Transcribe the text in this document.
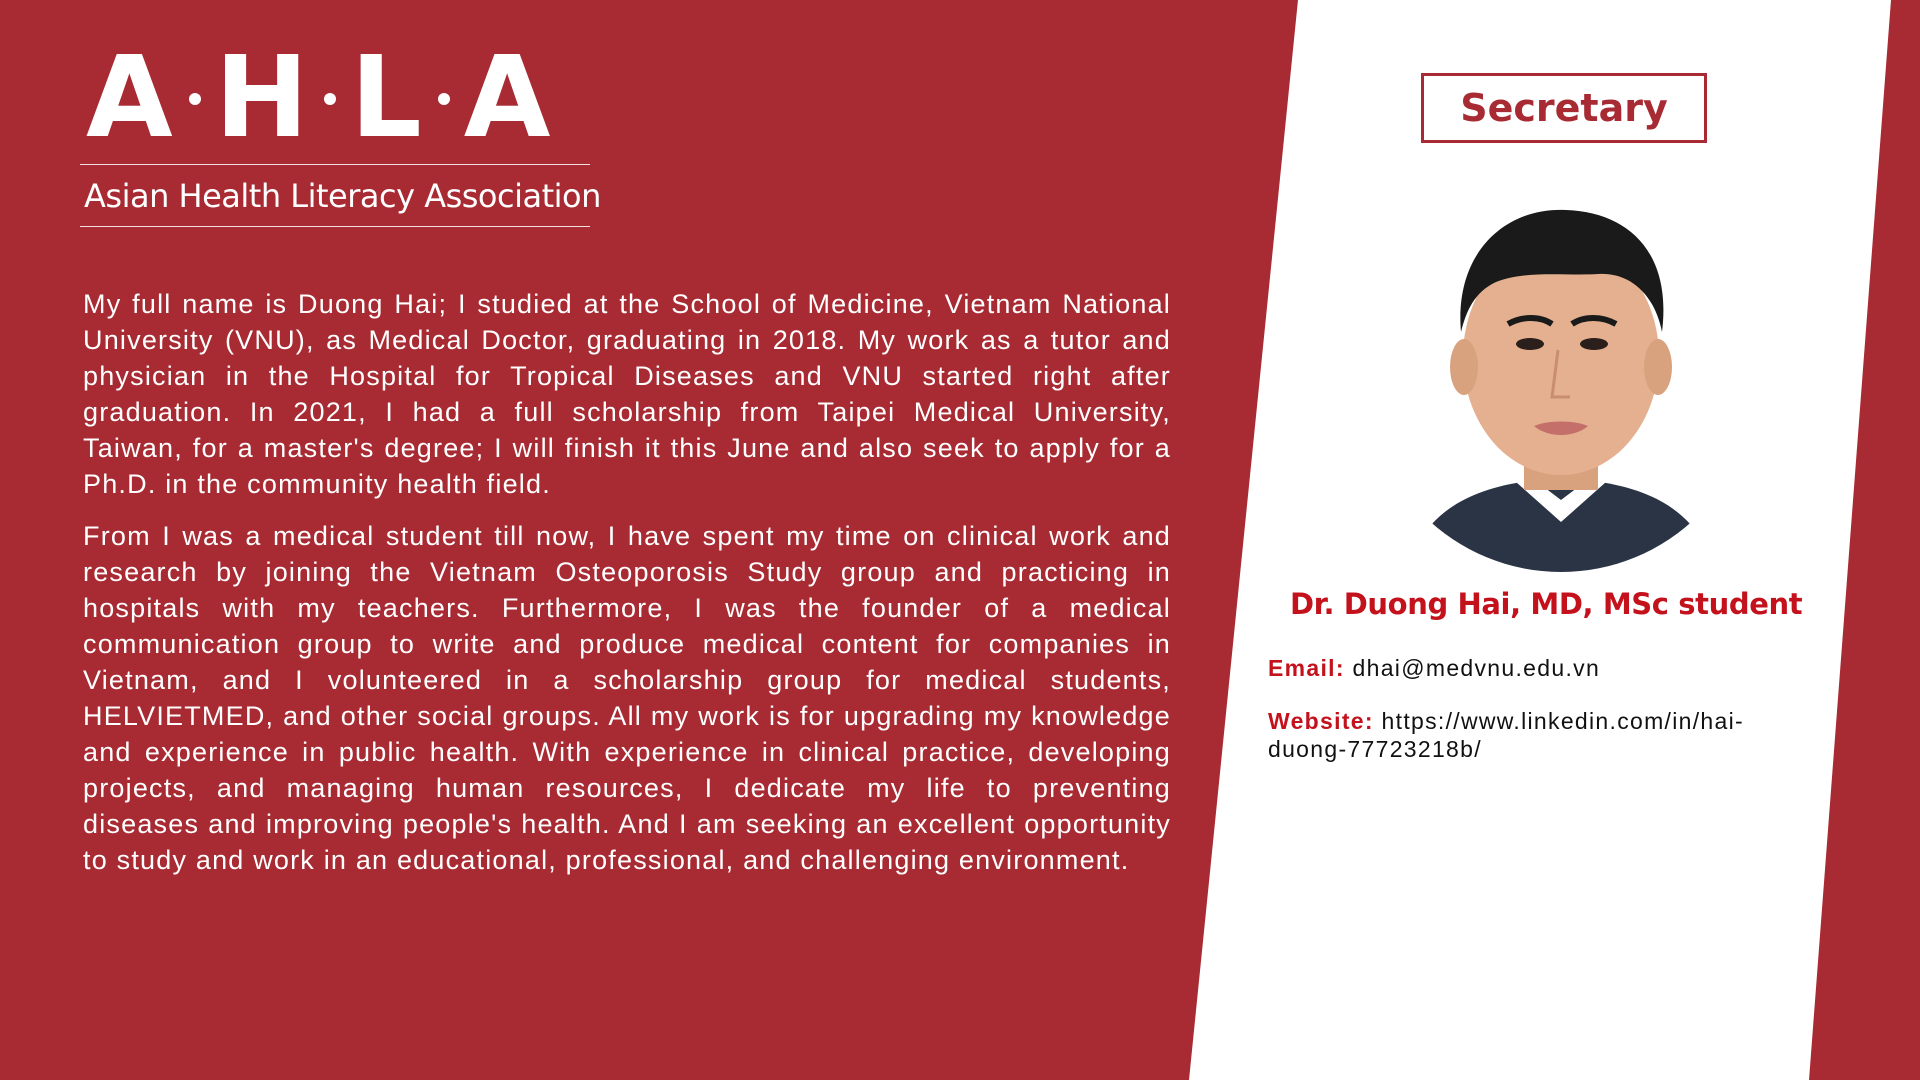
A H L A
Asian Health Literacy Association

My full name is Duong Hai; I studied at the School of Medicine, Vietnam National University (VNU), as Medical Doctor, graduating in 2018. My work as a tutor and physician in the Hospital for Tropical Diseases and VNU started right after graduation. In 2021, I had a full scholarship from Taipei Medical University, Taiwan, for a master's degree; I will finish it this June and also seek to apply for a Ph.D. in the community health field.

From I was a medical student till now, I have spent my time on clinical work and research by joining the Vietnam Osteoporosis Study group and practicing in hospitals with my teachers. Furthermore, I was the founder of a medical communication group to write and produce medical content for companies in Vietnam, and I volunteered in a scholarship group for medical students, HELVIETMED, and other social groups. All my work is for upgrading my knowledge and experience in public health. With experience in clinical practice, developing projects, and managing human resources, I dedicate my life to preventing diseases and improving people's health. And I am seeking an excellent opportunity to study and work in an educational, professional, and challenging environment.

Secretary
Dr. Duong Hai, MD, MSc student
Email: dhai@medvnu.edu.vn
Website: https://www.linkedin.com/in/hai-duong-77723218b/
